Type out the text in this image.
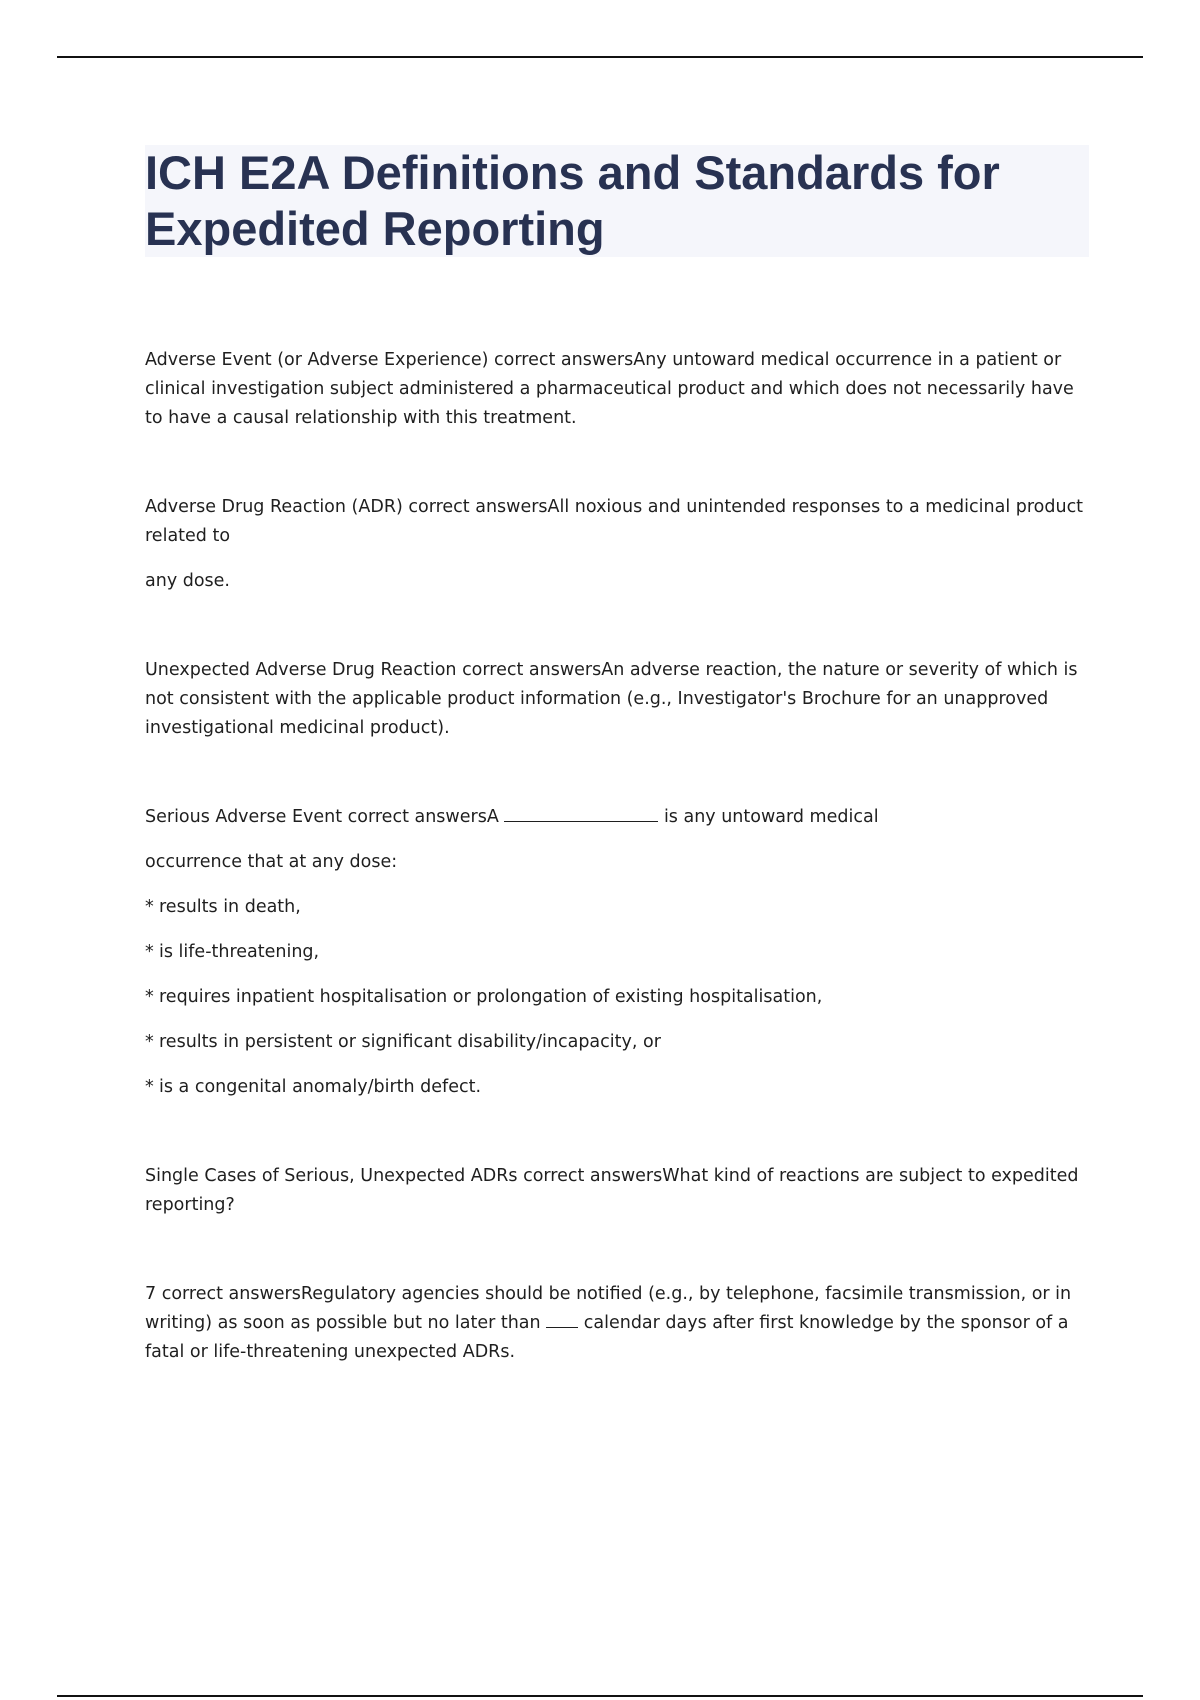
ICH E2A Definitions and Standards for Expedited Reporting

Adverse Event (or Adverse Experience) correct answersAny untoward medical occurrence in a patient or clinical investigation subject administered a pharmaceutical product and which does not necessarily have to have a causal relationship with this treatment.

Adverse Drug Reaction (ADR) correct answersAll noxious and unintended responses to a medicinal product related to

any dose.

Unexpected Adverse Drug Reaction correct answersAn adverse reaction, the nature or severity of which is not consistent with the applicable product information (e.g., Investigator's Brochure for an unapproved investigational medicinal product).

Serious Adverse Event correct answersA	is any untoward medical

occurrence that at any dose:

* results in death,

* is life-threatening,

* requires inpatient hospitalisation or prolongation of existing hospitalisation,

* results in persistent or significant disability/incapacity, or

* is a congenital anomaly/birth defect.

Single Cases of Serious, Unexpected ADRs correct answersWhat kind of reactions are subject to expedited reporting?

7 correct answersRegulatory agencies should be notified (e.g., by telephone, facsimile transmission, or in writing) as soon as possible but no later than  calendar days after first knowledge by the sponsor of a fatal or life-threatening unexpected ADRs.
